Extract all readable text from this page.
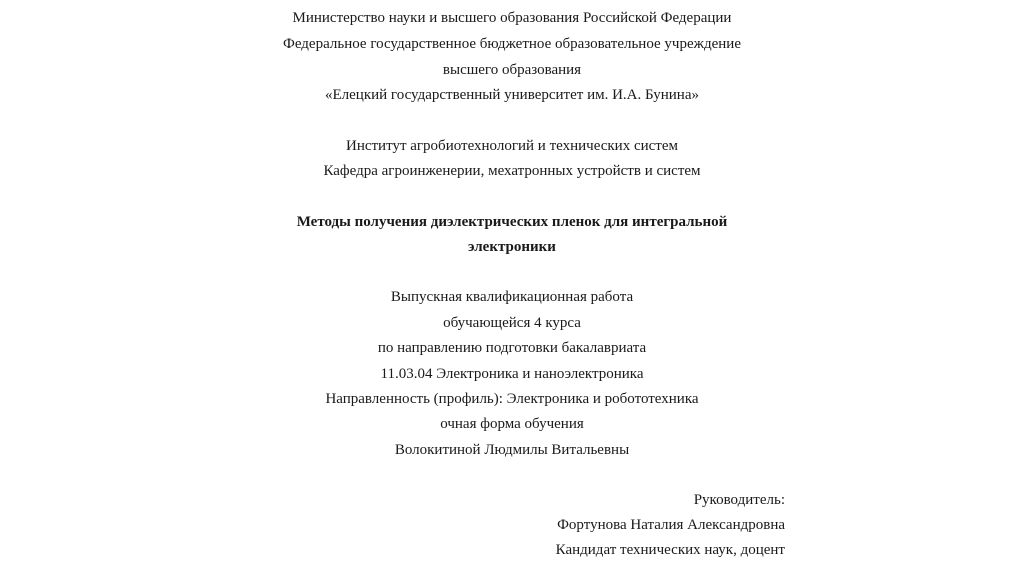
Министерство науки и высшего образования Российской Федерации
Федеральное государственное бюджетное образовательное учреждение
высшего образования
«Елецкий государственный университет им. И.А. Бунина»
Институт агробиотехнологий и технических систем
Кафедра агроинженерии, мехатронных устройств и систем
Методы получения диэлектрических пленок для интегральной
электроники
Выпускная квалификационная работа
обучающейся 4 курса
по направлению подготовки бакалавриата
11.03.04 Электроника и наноэлектроника
Направленность (профиль): Электроника и робототехника
очная форма обучения
Волокитиной Людмилы Витальевны
Руководитель:
Фортунова Наталия Александровна
Кандидат технических наук, доцент
